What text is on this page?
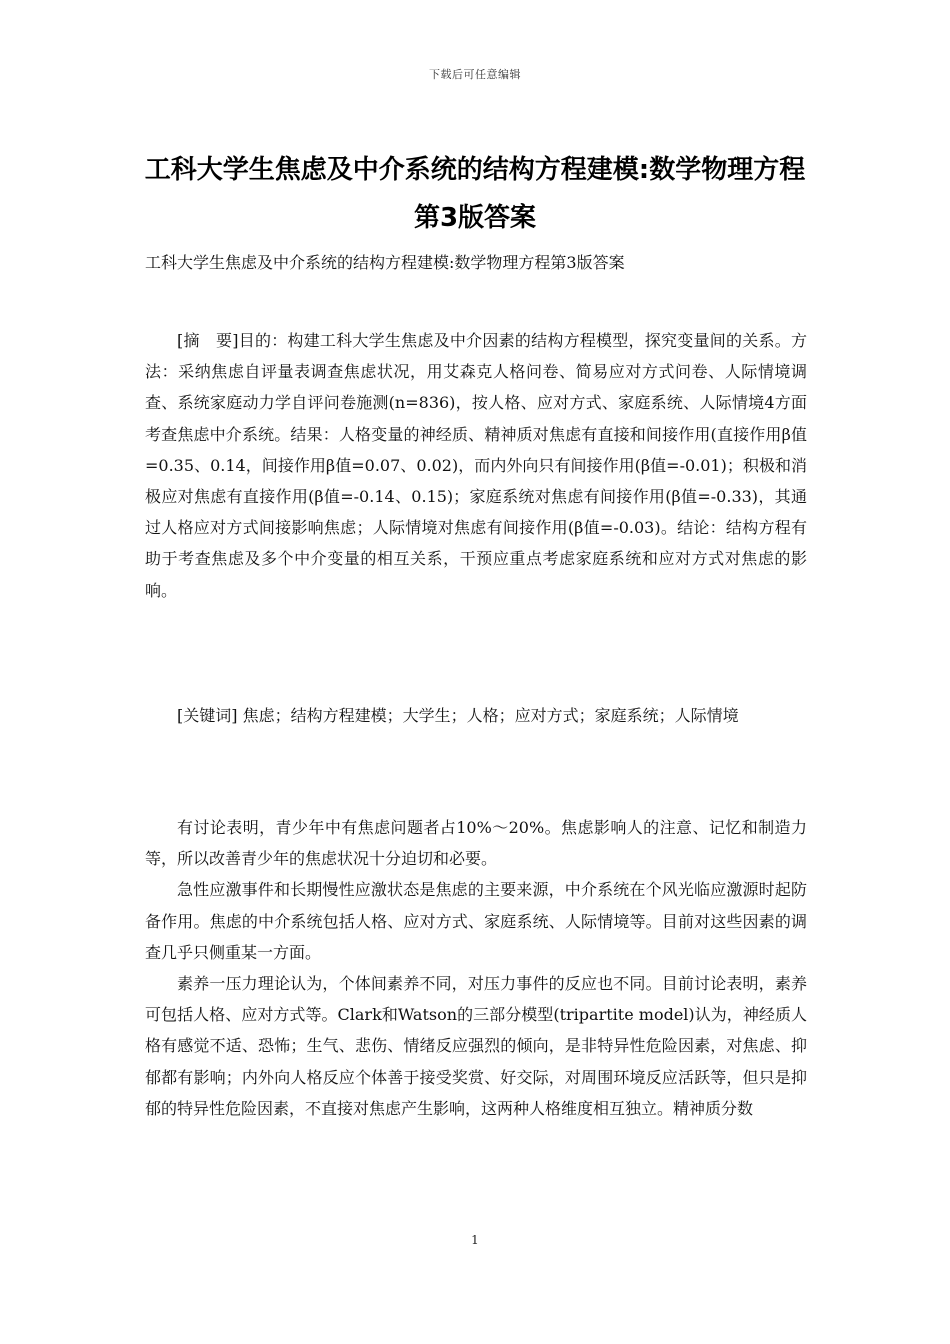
下载后可任意编辑
工科大学生焦虑及中介系统的结构方程建模:数学物理方程第3版答案
工科大学生焦虑及中介系统的结构方程建模:数学物理方程第3版答案

[摘　要]目的：构建工科大学生焦虑及中介因素的结构方程模型，探究变量间的关系。方法：采纳焦虑自评量表调查焦虑状况，用艾森克人格问卷、简易应对方式问卷、人际情境调查、系统家庭动力学自评问卷施测(n=836)，按人格、应对方式、家庭系统、人际情境4方面考查焦虑中介系统。结果：人格变量的神经质、精神质对焦虑有直接和间接作用(直接作用β值=0.35、0.14，间接作用β值=0.07、0.02)，而内外向只有间接作用(β值=-0.01)；积极和消极应对焦虑有直接作用(β值=-0.14、0.15)；家庭系统对焦虑有间接作用(β值=-0.33)，其通过人格应对方式间接影响焦虑；人际情境对焦虑有间接作用(β值=-0.03)。结论：结构方程有助于考查焦虑及多个中介变量的相互关系，干预应重点考虑家庭系统和应对方式对焦虑的影响。

[关键词] 焦虑；结构方程建模；大学生；人格；应对方式；家庭系统；人际情境

有讨论表明，青少年中有焦虑问题者占10%～20%。焦虑影响人的注意、记忆和制造力等，所以改善青少年的焦虑状况十分迫切和必要。

急性应激事件和长期慢性应激状态是焦虑的主要来源，中介系统在个风光临应激源时起防备作用。焦虑的中介系统包括人格、应对方式、家庭系统、人际情境等。目前对这些因素的调查几乎只侧重某一方面。

素养一压力理论认为，个体间素养不同，对压力事件的反应也不同。目前讨论表明，素养可包括人格、应对方式等。Clark和Watson的三部分模型(tripartite model)认为，神经质人格有感觉不适、恐怖；生气、悲伤、情绪反应强烈的倾向，是非特异性危险因素，对焦虑、抑郁都有影响；内外向人格反应个体善于接受奖赏、好交际，对周围环境反应活跃等，但只是抑郁的特异性危险因素，不直接对焦虑产生影响，这两种人格维度相互独立。精神质分数

1
